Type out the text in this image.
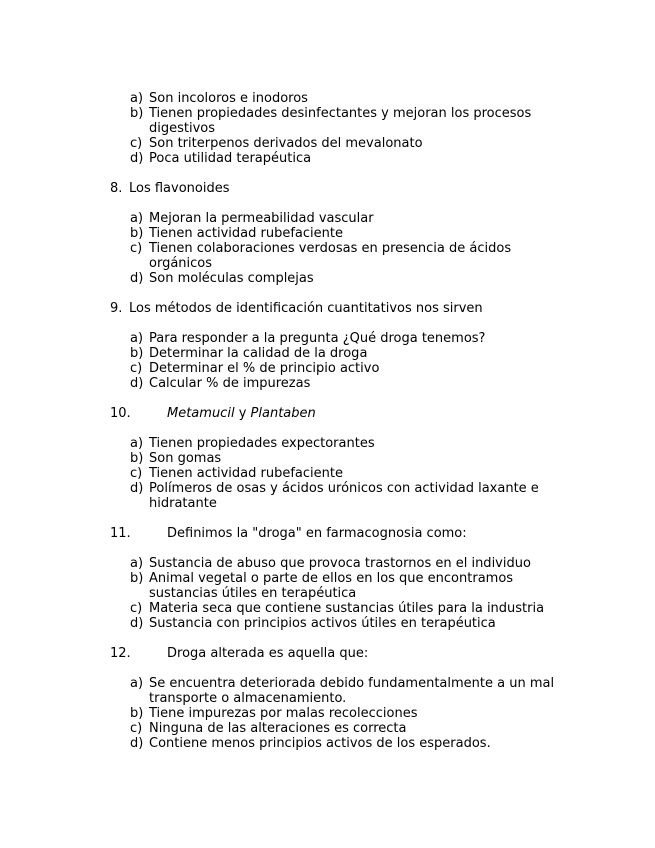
a) Son incoloros e inodoros
b) Tienen propiedades desinfectantes y mejoran los procesos
digestivos
c) Son triterpenos derivados del mevalonato
d) Poca utilidad terapéutica
8. Los flavonoides
a) Mejoran la permeabilidad vascular
b) Tienen actividad rubefaciente
c) Tienen colaboraciones verdosas en presencia de ácidos
orgánicos
d) Son moléculas complejas
9. Los métodos de identificación cuantitativos nos sirven
a) Para responder a la pregunta ¿Qué droga tenemos?
b) Determinar la calidad de la droga
c) Determinar el % de principio activo
d) Calcular % de impurezas
10.	Metamucil y Plantaben
a) Tienen propiedades expectorantes
b) Son gomas
c) Tienen actividad rubefaciente
d) Polímeros de osas y ácidos urónicos con actividad laxante e
hidratante
11.	Definimos la "droga" en farmacognosia como:
a) Sustancia de abuso que provoca trastornos en el individuo
b) Animal vegetal o parte de ellos en los que encontramos
sustancias útiles en terapéutica
c) Materia seca que contiene sustancias útiles para la industria
d) Sustancia con principios activos útiles en terapéutica
12.	Droga alterada es aquella que:
a) Se encuentra deteriorada debido fundamentalmente a un mal
transporte o almacenamiento.
b) Tiene impurezas por malas recolecciones
c) Ninguna de las alteraciones es correcta
d) Contiene menos principios activos de los esperados.
